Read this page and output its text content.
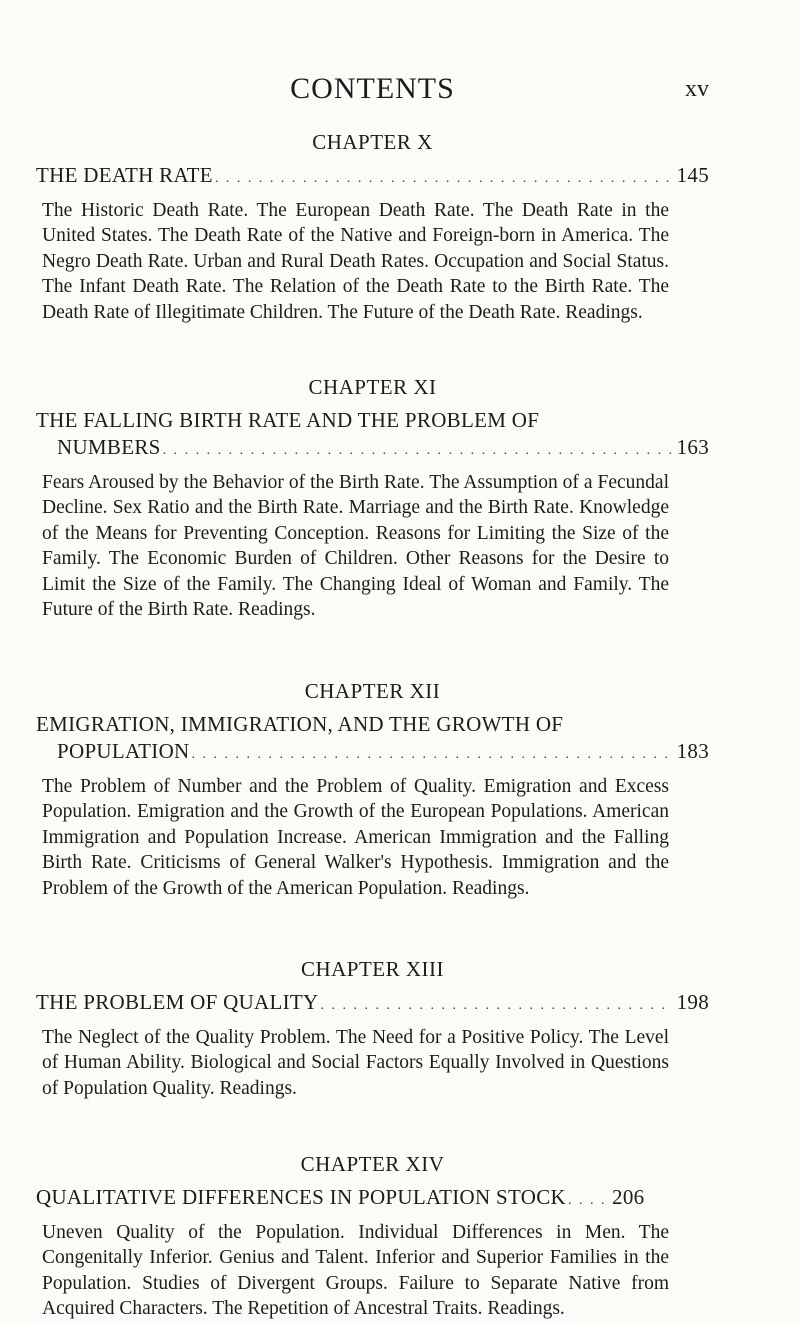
CONTENTS	xv
CHAPTER X
THE DEATH RATE . . .	145
The Historic Death Rate. The European Death Rate. The Death Rate in the United States. The Death Rate of the Native and Foreign-born in America. The Negro Death Rate. Urban and Rural Death Rates. Occupation and Social Status. The Infant Death Rate. The Relation of the Death Rate to the Birth Rate. The Death Rate of Illegitimate Children. The Future of the Death Rate. Readings.
CHAPTER XI
THE FALLING BIRTH RATE AND THE PROBLEM OF
NUMBERS . . .	163
Fears Aroused by the Behavior of the Birth Rate. The Assumption of a Fecundal Decline. Sex Ratio and the Birth Rate. Marriage and the Birth Rate. Knowledge of the Means for Preventing Conception. Reasons for Limiting the Size of the Family. The Economic Burden of Children. Other Reasons for the Desire to Limit the Size of the Family. The Changing Ideal of Woman and Family. The Future of the Birth Rate. Readings.
CHAPTER XII
EMIGRATION, IMMIGRATION, AND THE GROWTH OF
POPULATION . . .	183
The Problem of Number and the Problem of Quality. Emigration and Excess Population. Emigration and the Growth of the European Populations. American Immigration and Population Increase. American Immigration and the Falling Birth Rate. Criticisms of General Walker's Hypothesis. Immigration and the Problem of the Growth of the American Population. Readings.
CHAPTER XIII
THE PROBLEM OF QUALITY . . .	198
The Neglect of the Quality Problem. The Need for a Positive Policy. The Level of Human Ability. Biological and Social Factors Equally Involved in Questions of Population Quality. Readings.
CHAPTER XIV
QUALITATIVE DIFFERENCES IN POPULATION STOCK . . . 206
Uneven Quality of the Population. Individual Differences in Men. The Congenitally Inferior. Genius and Talent. Inferior and Superior Families in the Population. Studies of Divergent Groups. Failure to Separate Native from Acquired Characters. The Repetition of Ancestral Traits. Readings.
